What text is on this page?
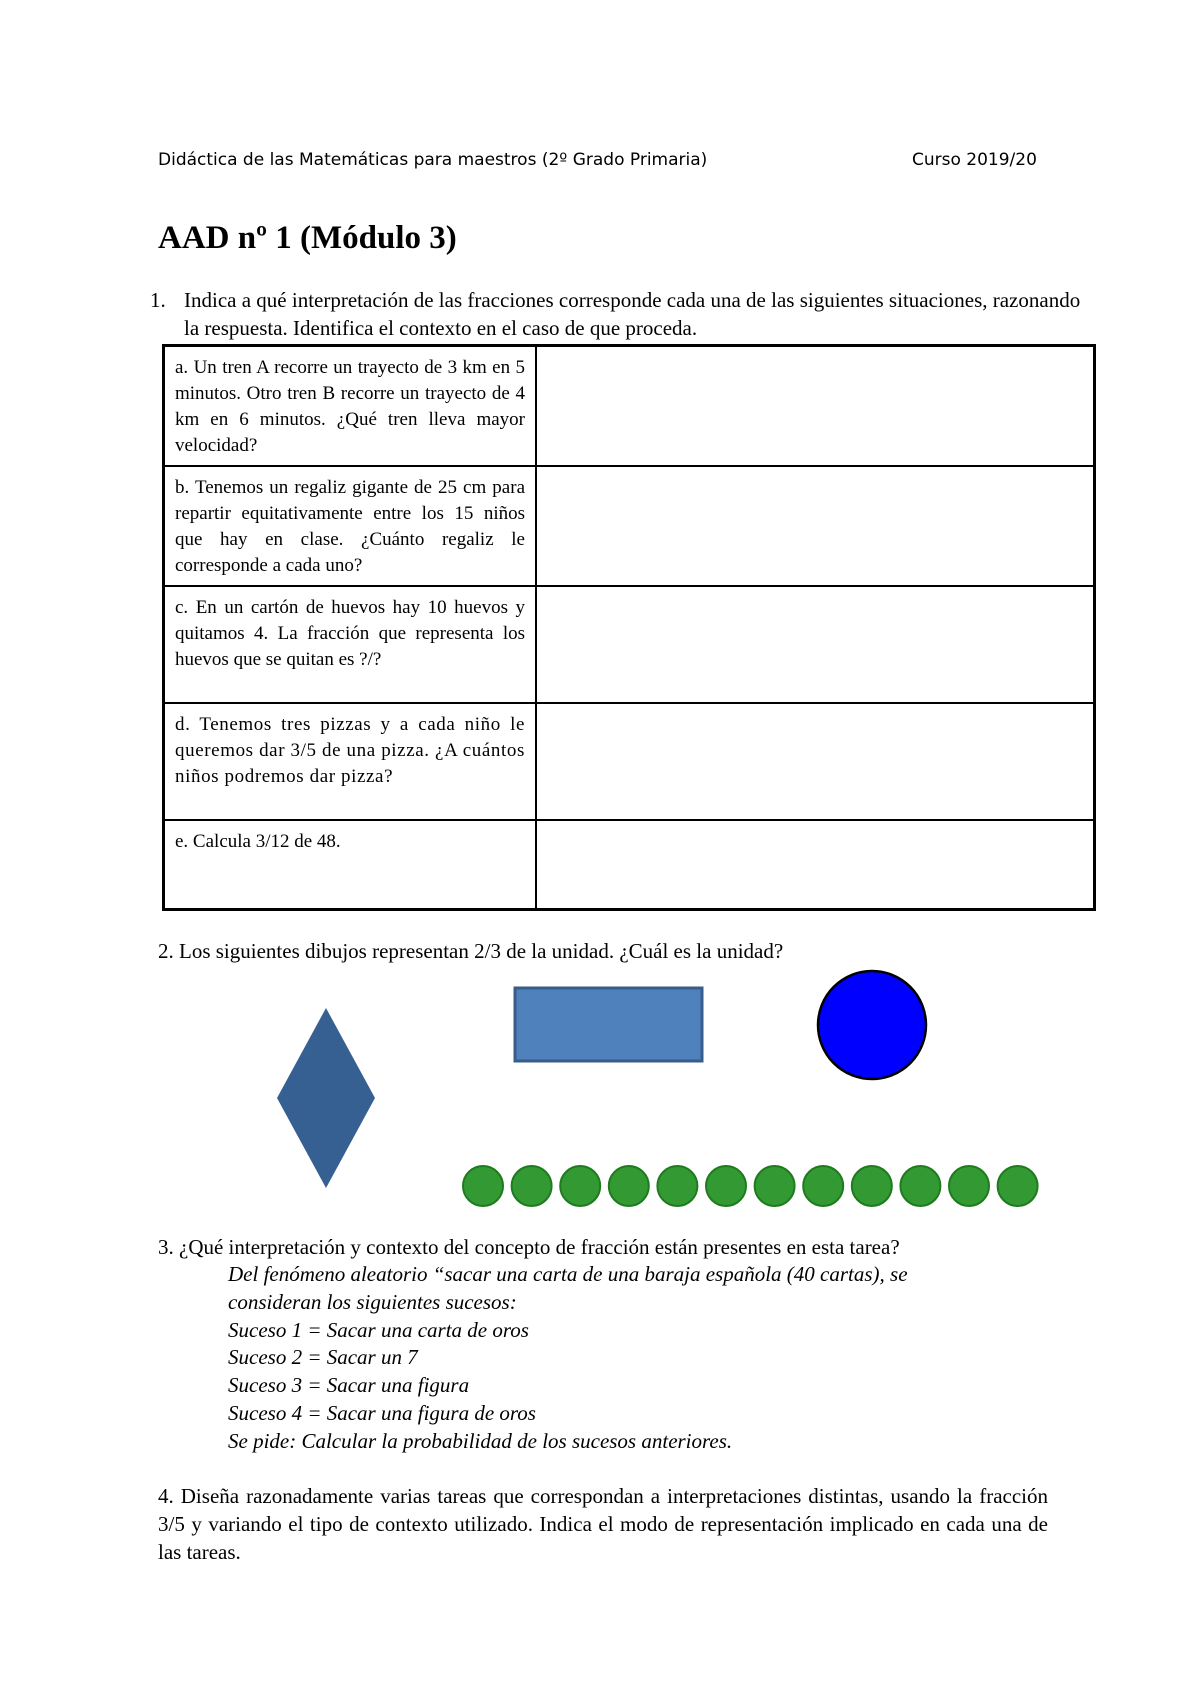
Didáctica de las Matemáticas para maestros (2º Grado Primaria)	Curso 2019/20
AAD nº 1 (Módulo 3)
1. Indica a qué interpretación de las fracciones corresponde cada una de las siguientes situaciones, razonando la respuesta. Identifica el contexto en el caso de que proceda.
a. Un tren A recorre un trayecto de 3 km en 5 minutos. Otro tren B recorre un trayecto de 4 km en 6 minutos. ¿Qué tren lleva mayor velocidad?	
b. Tenemos un regaliz gigante de 25 cm para repartir equitativamente entre los 15 niños que hay en clase. ¿Cuánto regaliz le corresponde a cada uno?	
c. En un cartón de huevos hay 10 huevos y quitamos 4. La fracción que representa los huevos que se quitan es ?/?	
d. Tenemos tres pizzas y a cada niño le queremos dar 3/5 de una pizza. ¿A cuántos niños podremos dar pizza?	
e. Calcula 3/12 de 48.	
2. Los siguientes dibujos representan 2/3 de la unidad. ¿Cuál es la unidad?
3. ¿Qué interpretación y contexto del concepto de fracción están presentes en esta tarea?
Del fenómeno aleatorio “sacar una carta de una baraja española (40 cartas), se
consideran los siguientes sucesos:
Suceso 1 = Sacar una carta de oros
Suceso 2 = Sacar un 7
Suceso 3 = Sacar una figura
Suceso 4 = Sacar una figura de oros
Se pide: Calcular la probabilidad de los sucesos anteriores.
4. Diseña razonadamente varias tareas que correspondan a interpretaciones distintas, usando la fracción 3/5 y variando el tipo de contexto utilizado. Indica el modo de representación implicado en cada una de las tareas.
